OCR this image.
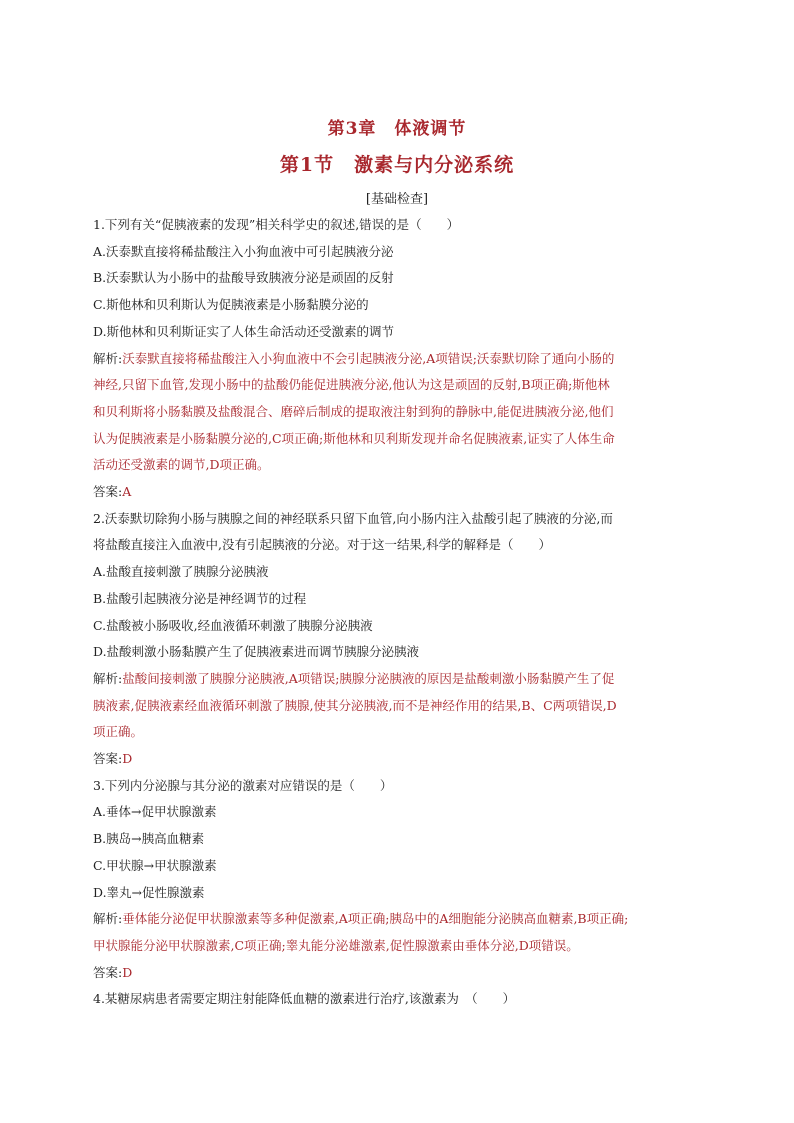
第3章　体液调节
第1节　激素与内分泌系统
[基础检查]
1.下列有关“促胰液素的发现”相关科学史的叙述,错误的是（　　）
A.沃泰默直接将稀盐酸注入小狗血液中可引起胰液分泌
B.沃泰默认为小肠中的盐酸导致胰液分泌是顽固的反射
C.斯他林和贝利斯认为促胰液素是小肠黏膜分泌的
D.斯他林和贝利斯证实了人体生命活动还受激素的调节
解析:沃泰默直接将稀盐酸注入小狗血液中不会引起胰液分泌,A项错误;沃泰默切除了通向小肠的
神经,只留下血管,发现小肠中的盐酸仍能促进胰液分泌,他认为这是顽固的反射,B项正确;斯他林
和贝利斯将小肠黏膜及盐酸混合、磨碎后制成的提取液注射到狗的静脉中,能促进胰液分泌,他们
认为促胰液素是小肠黏膜分泌的,C项正确;斯他林和贝利斯发现并命名促胰液素,证实了人体生命
活动还受激素的调节,D项正确。
答案:A
2.沃泰默切除狗小肠与胰腺之间的神经联系只留下血管,向小肠内注入盐酸引起了胰液的分泌,而
将盐酸直接注入血液中,没有引起胰液的分泌。对于这一结果,科学的解释是（　　）
A.盐酸直接刺激了胰腺分泌胰液
B.盐酸引起胰液分泌是神经调节的过程
C.盐酸被小肠吸收,经血液循环刺激了胰腺分泌胰液
D.盐酸刺激小肠黏膜产生了促胰液素进而调节胰腺分泌胰液
解析:盐酸间接刺激了胰腺分泌胰液,A项错误;胰腺分泌胰液的原因是盐酸刺激小肠黏膜产生了促
胰液素,促胰液素经血液循环刺激了胰腺,使其分泌胰液,而不是神经作用的结果,B、C两项错误,D
项正确。
答案:D
3.下列内分泌腺与其分泌的激素对应错误的是（　　）
A.垂体→促甲状腺激素
B.胰岛→胰高血糖素
C.甲状腺→甲状腺激素
D.睾丸→促性腺激素
解析:垂体能分泌促甲状腺激素等多种促激素,A项正确;胰岛中的A细胞能分泌胰高血糖素,B项正确;
甲状腺能分泌甲状腺激素,C项正确;睾丸能分泌雄激素,促性腺激素由垂体分泌,D项错误。
答案:D
4.某糖尿病患者需要定期注射能降低血糖的激素进行治疗,该激素为　（　　）
